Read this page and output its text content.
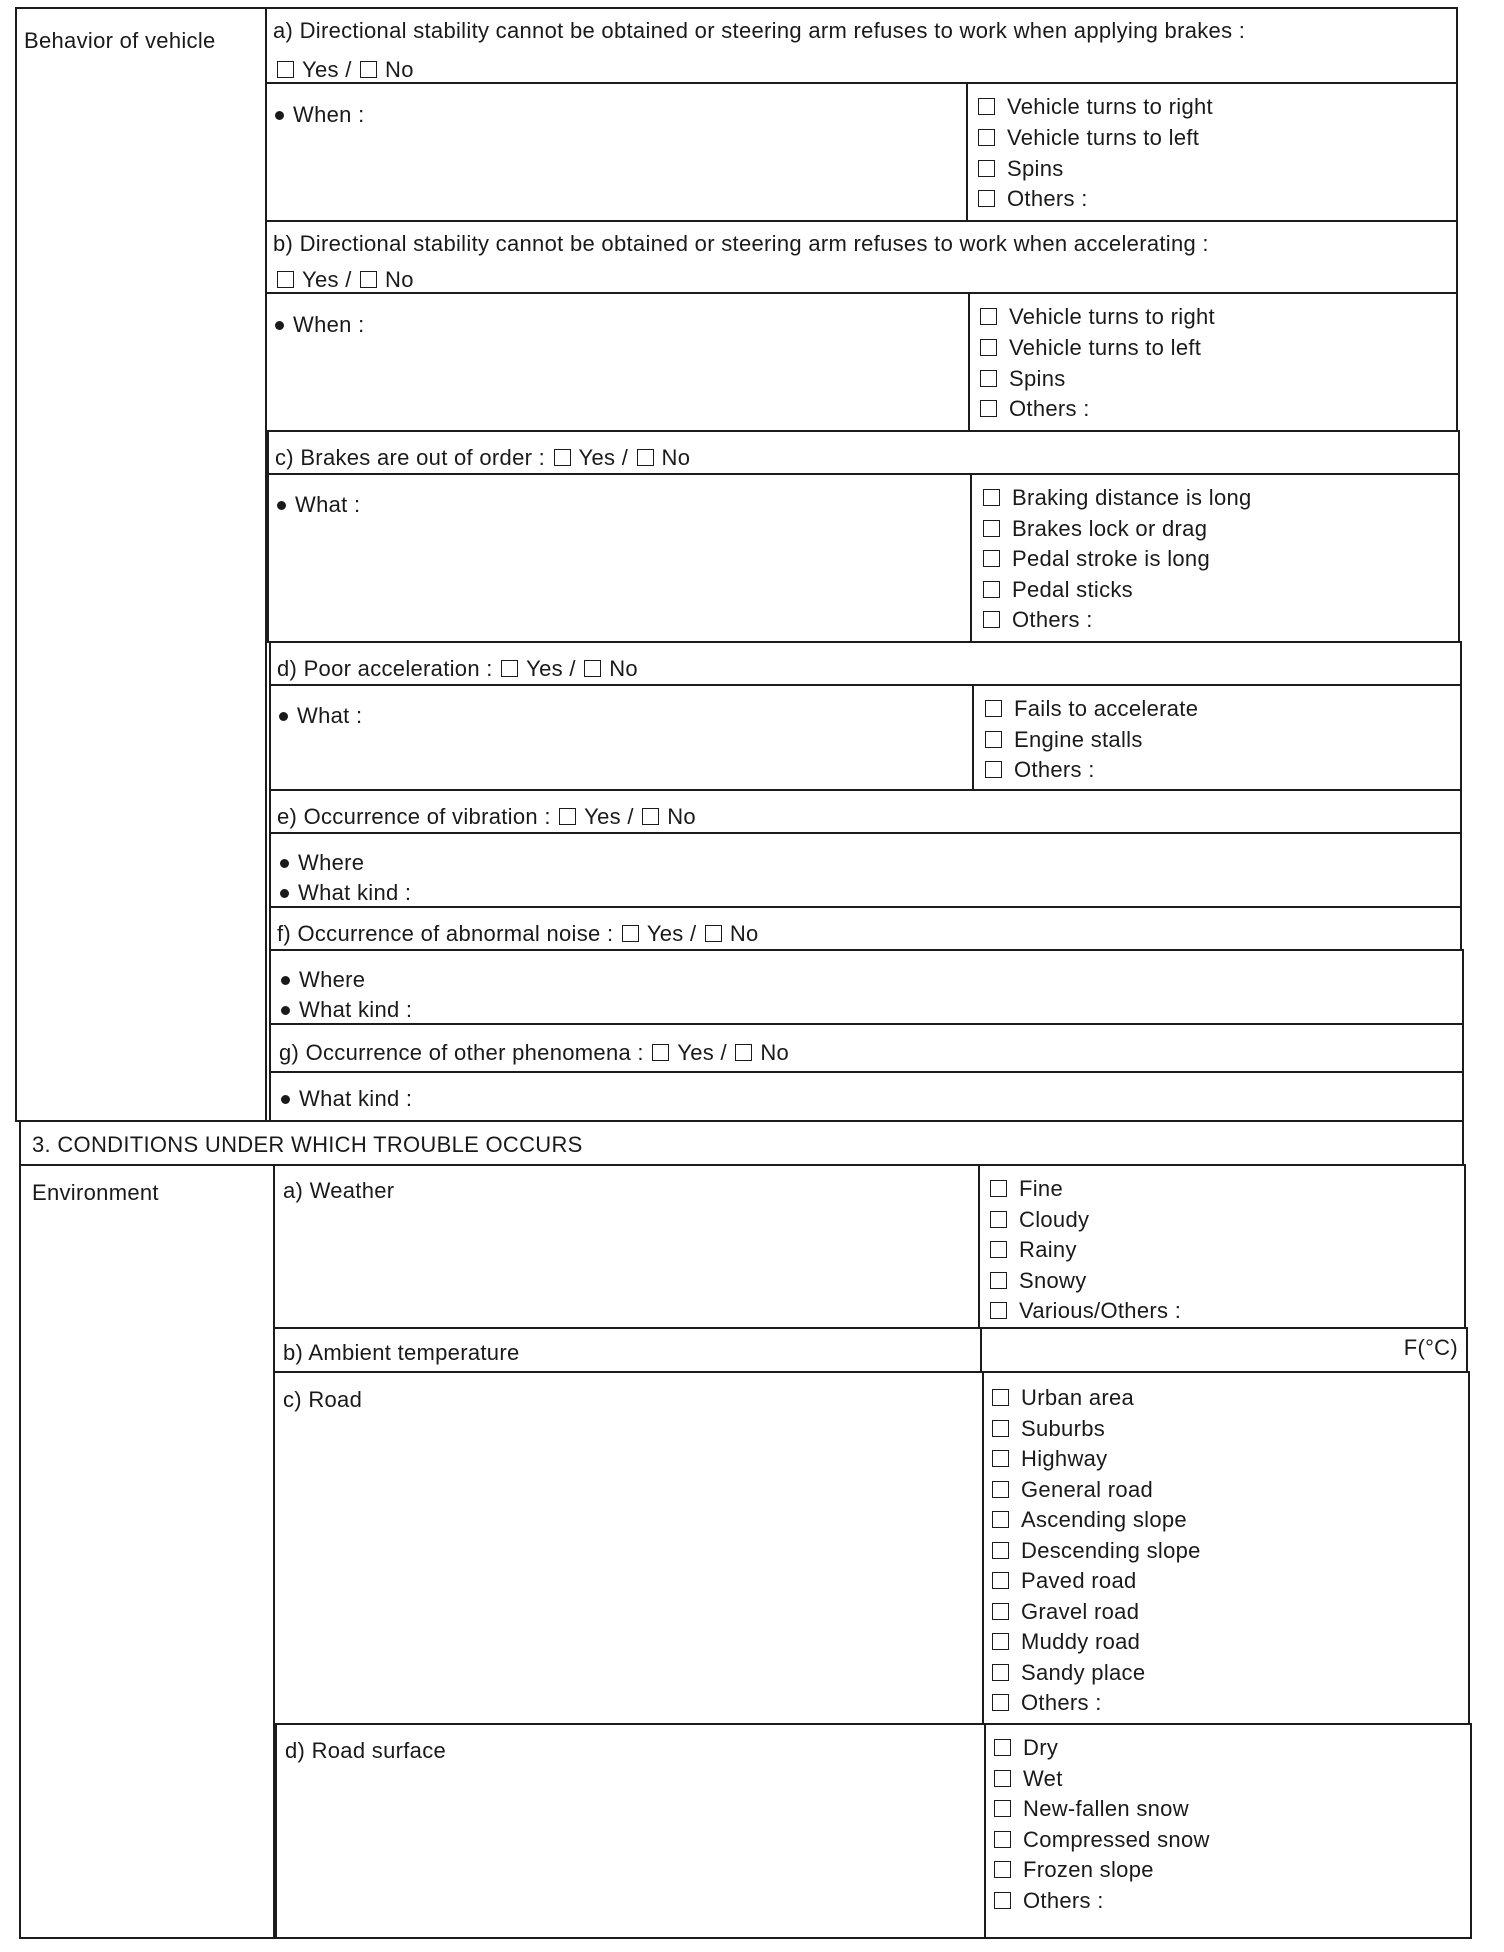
Behavior of vehicle	a) Directional stability cannot be obtained or steering arm refuses to work when applying brakes :
Yes / No
When :	Vehicle turns to right
Vehicle turns to left
Spins
Others :
b) Directional stability cannot be obtained or steering arm refuses to work when accelerating :
Yes / No
When :	Vehicle turns to right
Vehicle turns to left
Spins
Others :
c) Brakes are out of order : Yes / No
What :	Braking distance is long
Brakes lock or drag
Pedal stroke is long
Pedal sticks
Others :
d) Poor acceleration : Yes / No
What :	Fails to accelerate
Engine stalls
Others :
e) Occurrence of vibration : Yes / No
Where
What kind :
f) Occurrence of abnormal noise : Yes / No
Where
What kind :
g) Occurrence of other phenomena : Yes / No
What kind :
3. CONDITIONS UNDER WHICH TROUBLE OCCURS
Environment	a) Weather	Fine
Cloudy
Rainy
Snowy
Various/Others :
b) Ambient temperature	F(°C)
c) Road	Urban area
Suburbs
Highway
General road
Ascending slope
Descending slope
Paved road
Gravel road
Muddy road
Sandy place
Others :
d) Road surface	Dry
Wet
New-fallen snow
Compressed snow
Frozen slope
Others :
